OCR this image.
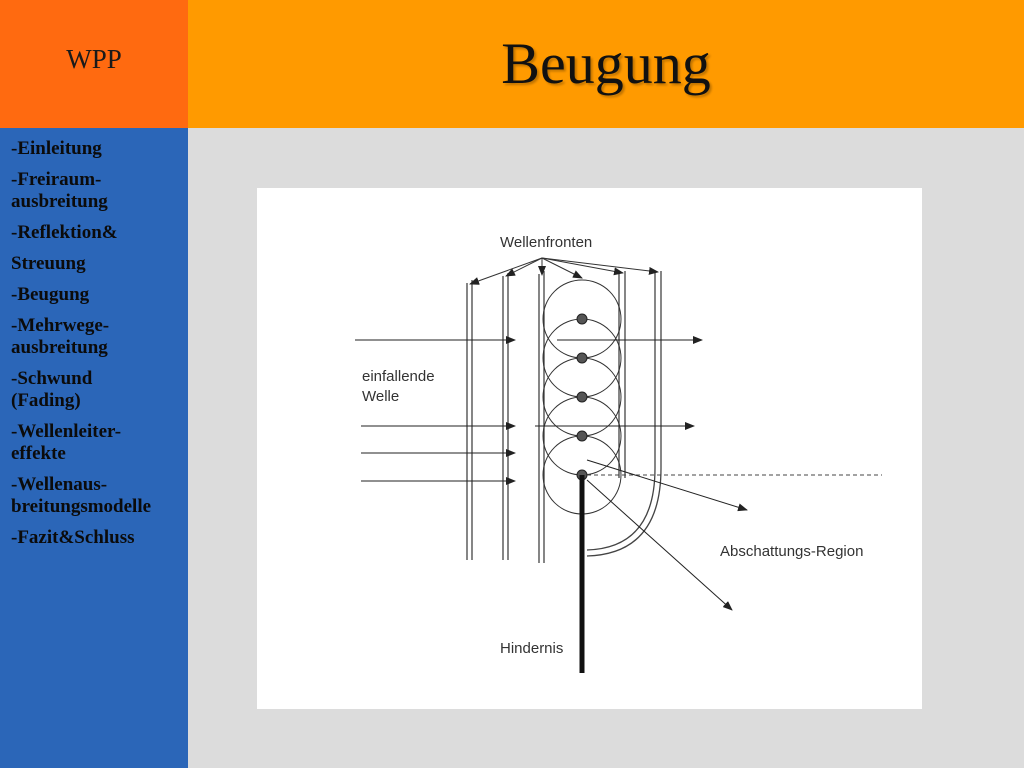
WPP	Beugung
-Einleitung
-Freiraum-
ausbreitung
-Reflektion&
Streuung
-Beugung
-Mehrwege-
ausbreitung
-Schwund
(Fading)
-Wellenleiter-
effekte
-Wellenaus-
breitungsmodelle
-Fazit&Schluss
Wellenfronten
einfallende
Welle
Abschattungs-Region
Hindernis
